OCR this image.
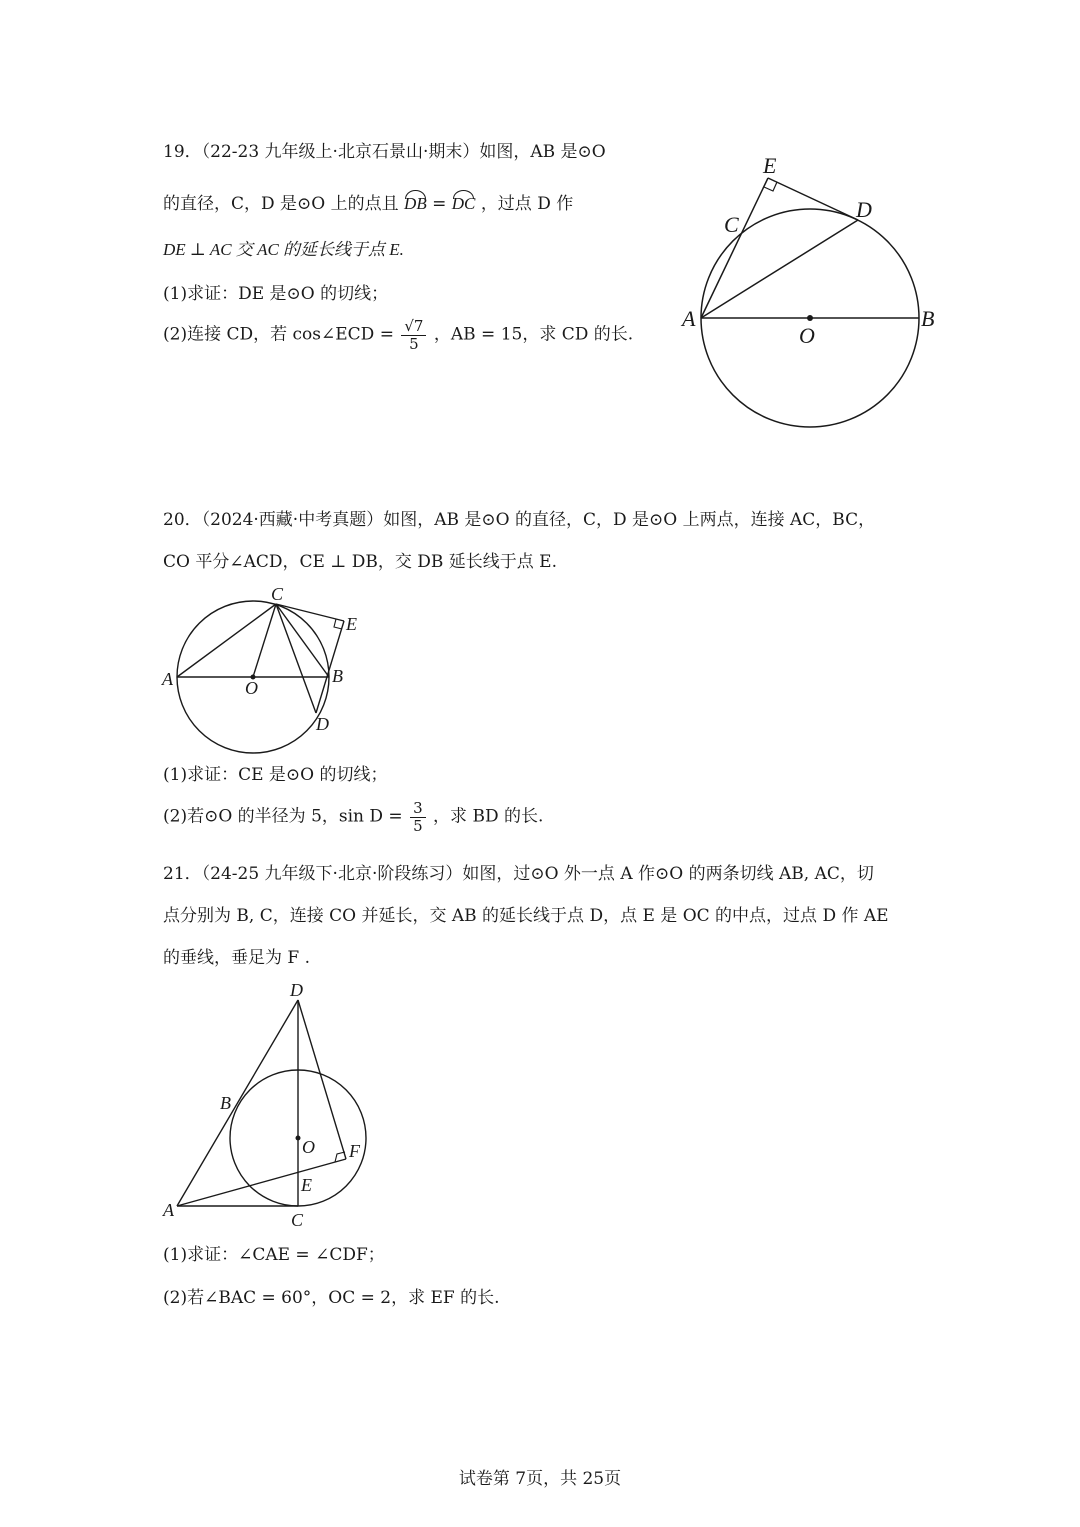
19．（22-23 九年级上·北京石景山·期末）如图，AB 是⊙O
的直径，C，D 是⊙O 上的点且 DB = DC ，过点 D 作
DE ⊥ AC 交 AC 的延长线于点 E.
(1)求证：DE 是⊙O 的切线；
(2)连接 CD，若 cos∠ECD = $\frac{√7}{5}$ ，AB = 15，求 CD 的长.
E
C
D
A
O
B
20．（2024·西藏·中考真题）如图，AB 是⊙O 的直径，C，D 是⊙O 上两点，连接 AC，BC，
CO 平分∠ACD，CE ⊥ DB，交 DB 延长线于点 E.
C
E
A	O
B
D
(1)求证：CE 是⊙O 的切线；
(2)若⊙O 的半径为 5，$\sin D = \frac{3}{5}$ ，求 BD 的长.
21．（24-25 九年级下·北京·阶段练习）如图，过⊙O 外一点 A 作⊙O 的两条切线 AB, AC，切
点分别为 B, C，连接 CO 并延长，交 AB 的延长线于点 D，点 E 是 OC 的中点，过点 D 作 AE
的垂线，垂足为 F .
D
B
O F
E
A	C
(1)求证：∠CAE = ∠CDF；
(2)若∠BAC = 60°，OC = 2，求 EF 的长.
试卷第 7页，共 25页
